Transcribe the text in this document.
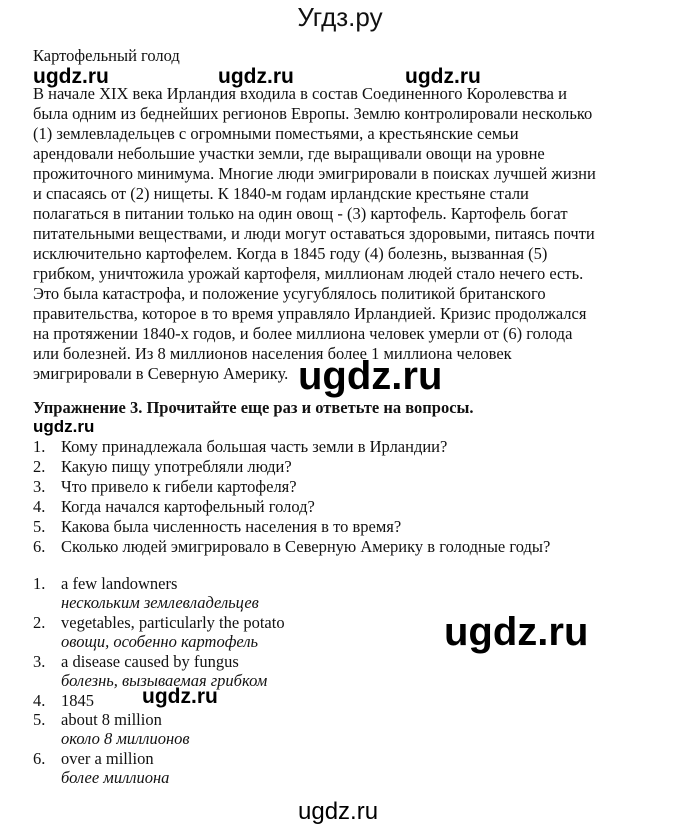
Угдз.ру
ugdz.ru	ugdz.ru	ugdz.ru
ugdz.ru
ugdz.ru
ugdz.ru
ugdz.ru
ugdz.ru
Картофельный голод
В начале XIX века Ирландия входила в состав Соединенного Королевства и
была одним из беднейших регионов Европы. Землю контролировали несколько
(1) землевладельцев с огромными поместьями, а крестьянские семьи
арендовали небольшие участки земли, где выращивали овощи на уровне
прожиточного минимума. Многие люди эмигрировали в поисках лучшей жизни
и спасаясь от (2) нищеты. К 1840-м годам ирландские крестьяне стали
полагаться в питании только на один овощ - (3) картофель. Картофель богат
питательными веществами, и люди могут оставаться здоровыми, питаясь почти
исключительно картофелем. Когда в 1845 году (4) болезнь, вызванная (5)
грибком, уничтожила урожай картофеля, миллионам людей стало нечего есть.
Это была катастрофа, и положение усугублялось политикой британского
правительства, которое в то время управляло Ирландией. Кризис продолжался
на протяжении 1840-х годов, и более миллиона человек умерли от (6) голода
или болезней. Из 8 миллионов населения более 1 миллиона человек
эмигрировали в Северную Америку.
Упражнение 3. Прочитайте еще раз и ответьте на вопросы.
1. Кому принадлежала большая часть земли в Ирландии?
2. Какую пищу употребляли люди?
3. Что привело к гибели картофеля?
4. Когда начался картофельный голод?
5. Какова была численность населения в то время?
6. Сколько людей эмигрировало в Северную Америку в голодные годы?
1. a few landowners
нескольким землевладельцев
2. vegetables, particularly the potato
овощи, особенно картофель
3. a disease caused by fungus
болезнь, вызываемая грибком
4. 1845
5. about 8 million
около 8 миллионов
6. over a million
более миллиона
